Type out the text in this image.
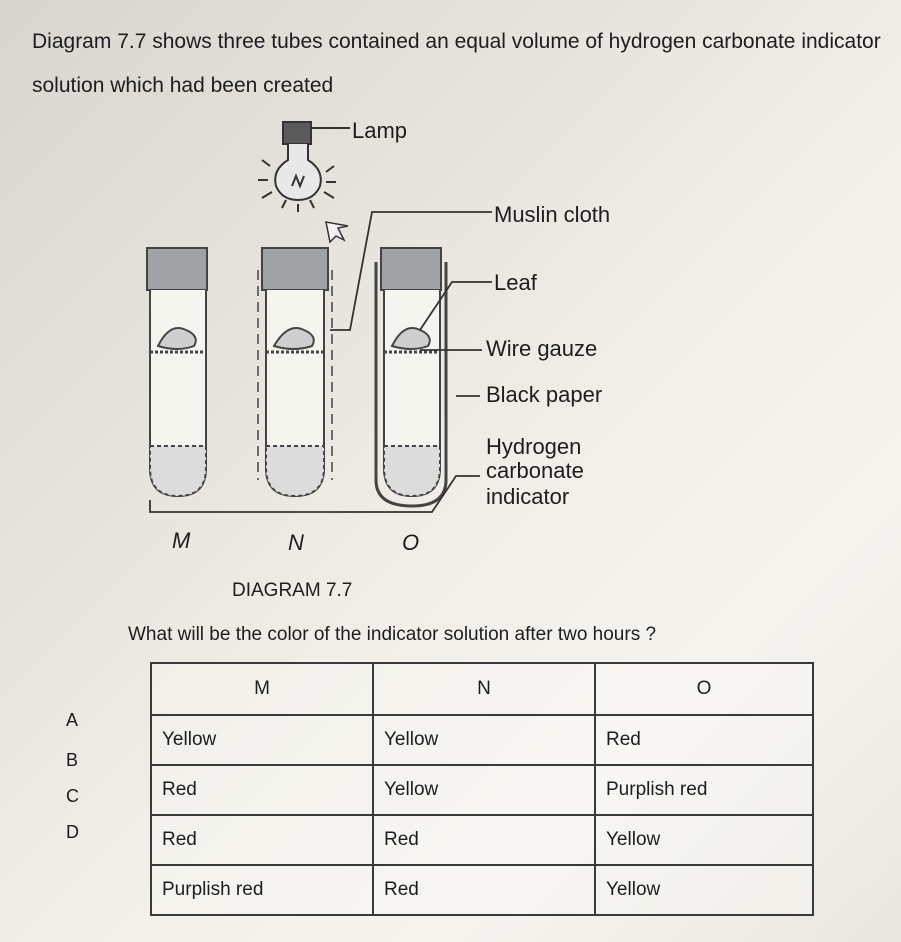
Diagram 7.7 shows three tubes contained an equal volume of hydrogen carbonate indicator solution which had been created
Lamp
Muslin cloth
Leaf
Wire gauze
Black paper
Hydrogen
carbonate
indicator
M	N	O
DIAGRAM 7.7
What will be the color of the indicator solution after two hours ?
A
B
C
D
M	N	O
Yellow	Yellow	Red
Red	Yellow	Purplish red
Red	Red	Yellow
Purplish red	Red	Yellow
